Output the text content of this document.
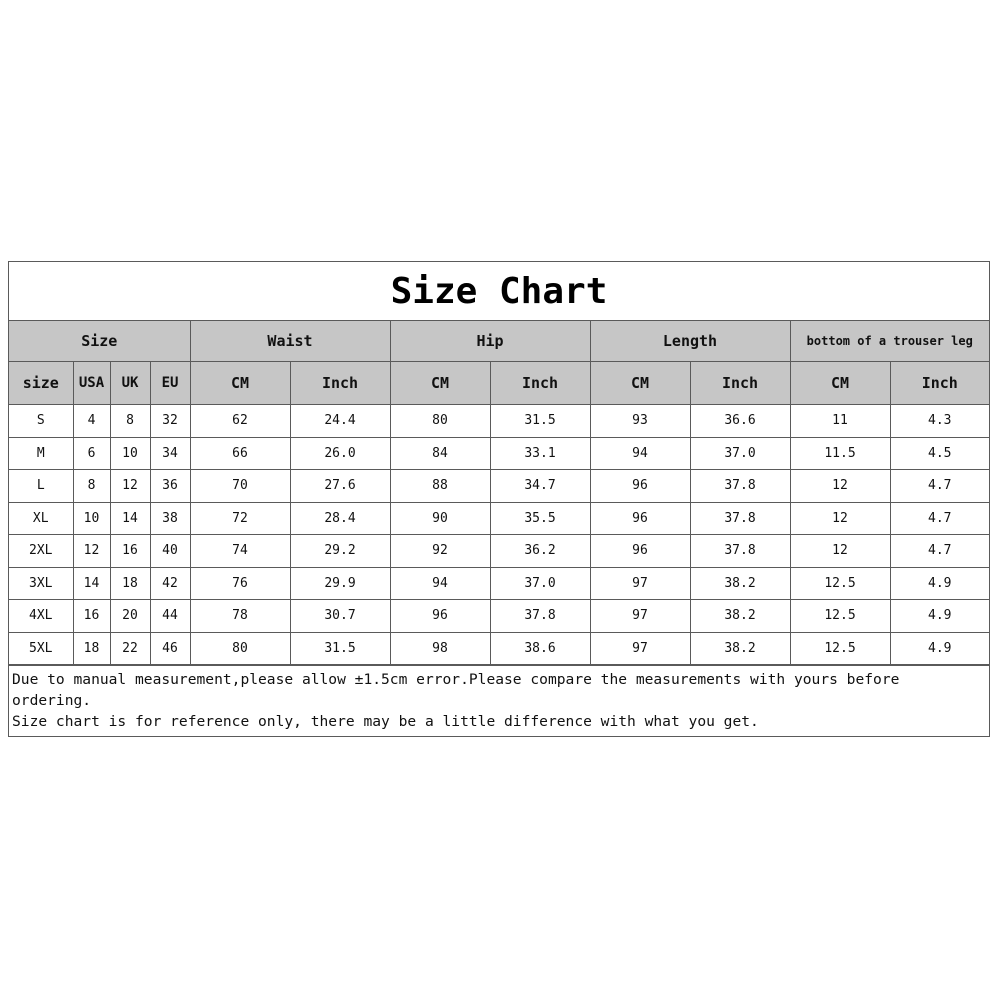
Size Chart
Size				Waist		Hip		Length		bottom of a trouser leg	
size	USA	UK	EU	CM	Inch	CM	Inch	CM	Inch	CM	Inch
S	4	8	32	62	24.4	80	31.5	93	36.6	11	4.3
M	6	10	34	66	26.0	84	33.1	94	37.0	11.5	4.5
L	8	12	36	70	27.6	88	34.7	96	37.8	12	4.7
XL	10	14	38	72	28.4	90	35.5	96	37.8	12	4.7
2XL	12	16	40	74	29.2	92	36.2	96	37.8	12	4.7
3XL	14	18	42	76	29.9	94	37.0	97	38.2	12.5	4.9
4XL	16	20	44	78	30.7	96	37.8	97	38.2	12.5	4.9
5XL	18	22	46	80	31.5	98	38.6	97	38.2	12.5	4.9

Due to manual measurement,please allow ±1.5cm error.Please compare the measurements with yours before ordering.

Size chart is for reference only, there may be a little difference with what you get.
